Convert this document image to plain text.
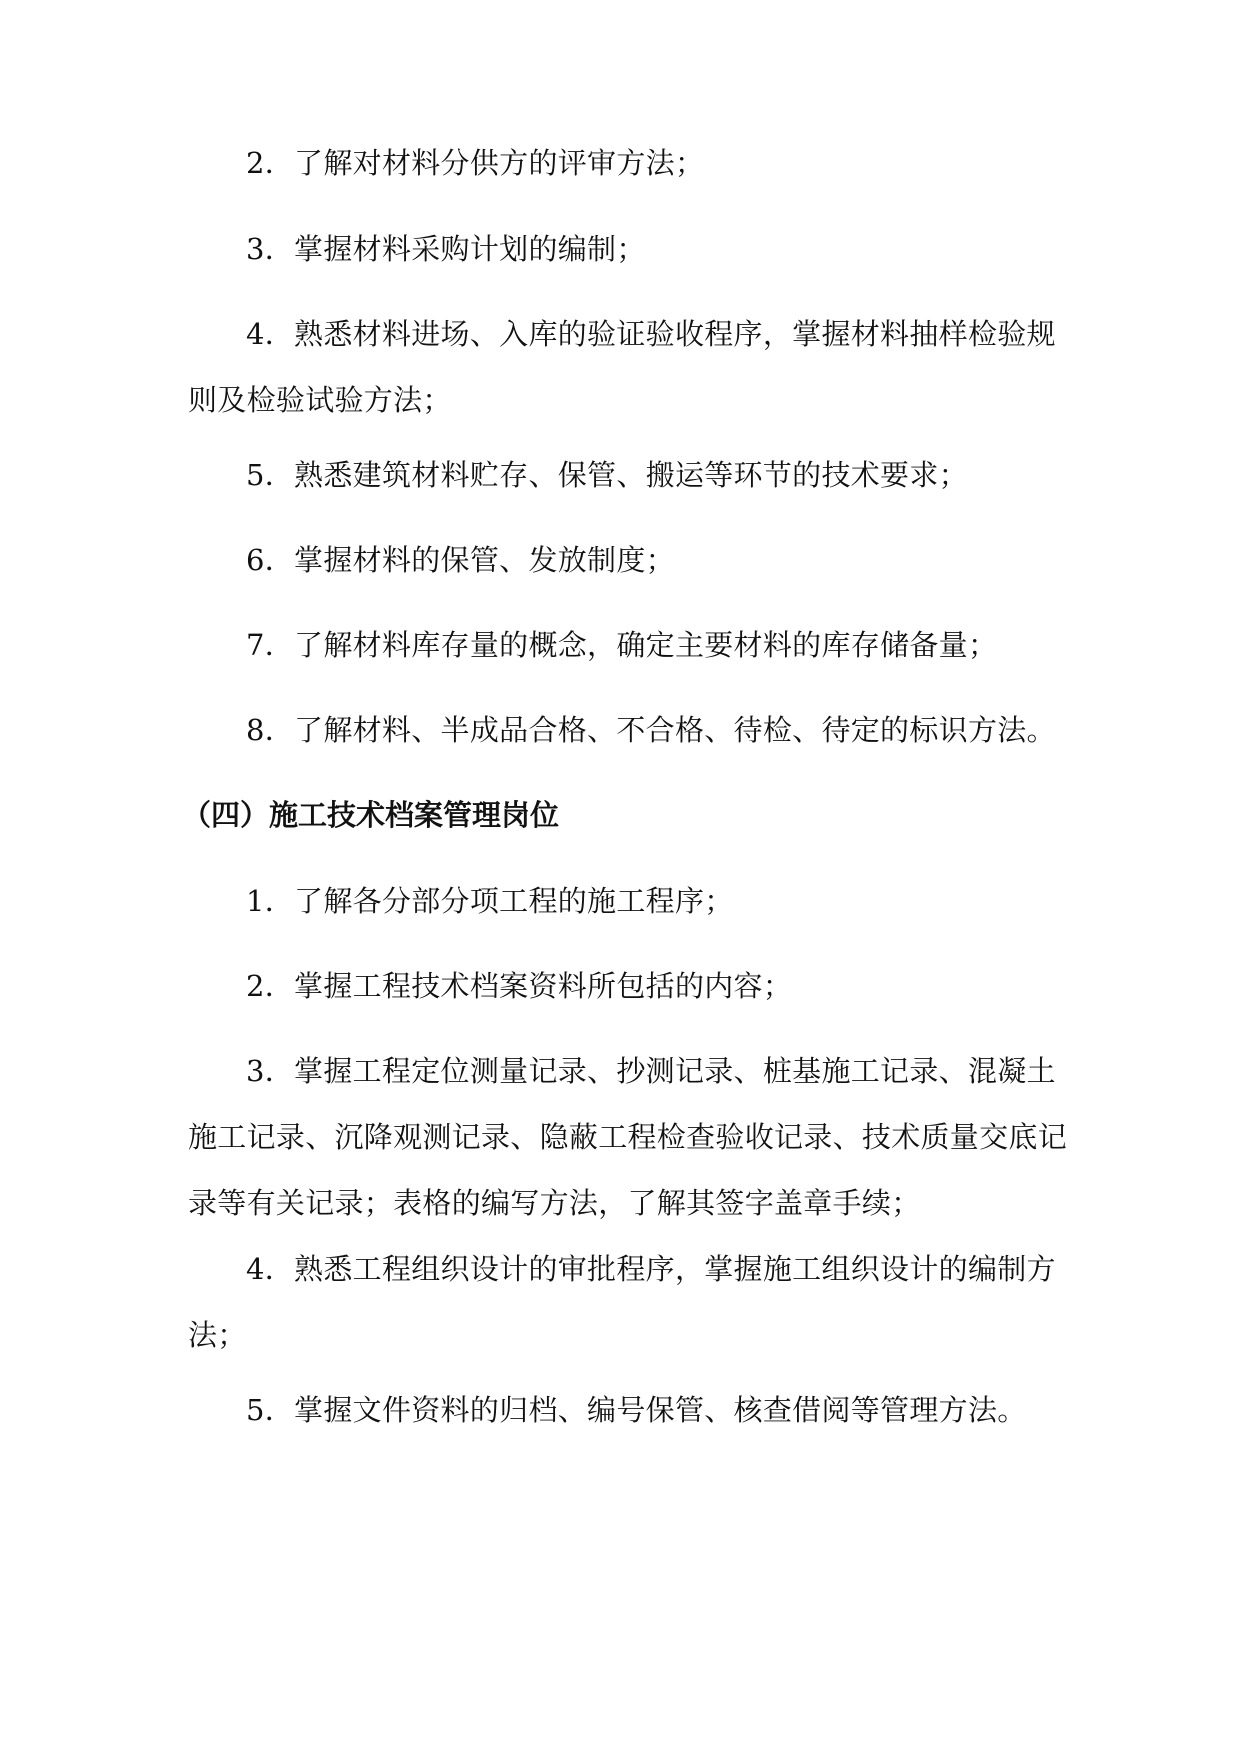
2．了解对材料分供方的评审方法；

3．掌握材料采购计划的编制；

4．熟悉材料进场、入库的验证验收程序，掌握材料抽样检验规则及检验试验方法；

5．熟悉建筑材料贮存、保管、搬运等环节的技术要求；

6．掌握材料的保管、发放制度；

7．了解材料库存量的概念，确定主要材料的库存储备量；

8．了解材料、半成品合格、不合格、待检、待定的标识方法。

（四）施工技术档案管理岗位

1．了解各分部分项工程的施工程序；

2．掌握工程技术档案资料所包括的内容；

3．掌握工程定位测量记录、抄测记录、桩基施工记录、混凝土施工记录、沉降观测记录、隐蔽工程检查验收记录、技术质量交底记录等有关记录；表格的编写方法，了解其签字盖章手续；

4．熟悉工程组织设计的审批程序，掌握施工组织设计的编制方法；

5．掌握文件资料的归档、编号保管、核查借阅等管理方法。
